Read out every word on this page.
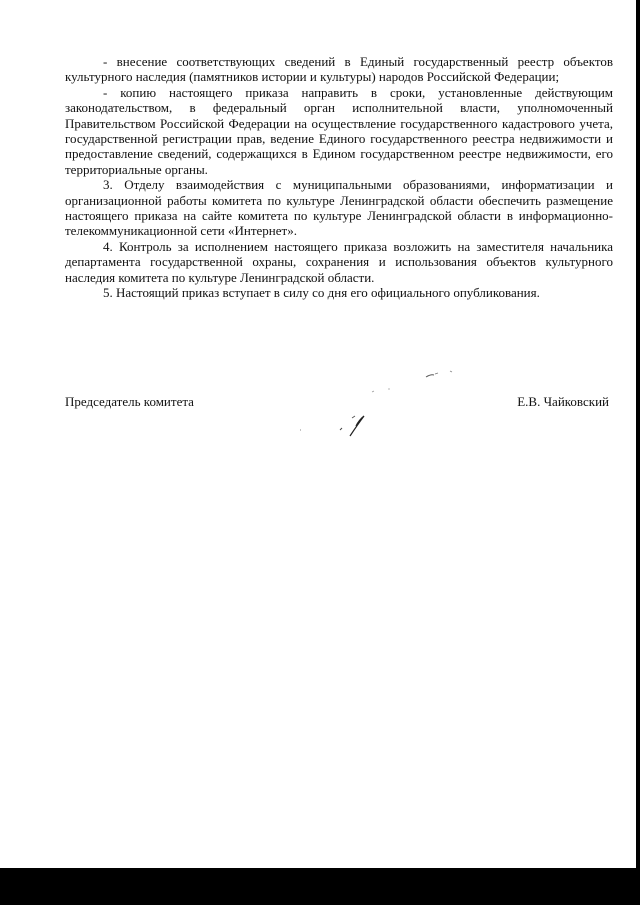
- внесение соответствующих сведений в Единый государственный реестр объектов культурного наследия (памятников истории и культуры) народов Российской Федерации;

- копию настоящего приказа направить в сроки, установленные действующим законодательством, в федеральный орган исполнительной власти, уполномоченный Правительством Российской Федерации на осуществление государственного кадастрового учета, государственной регистрации прав, ведение Единого государственного реестра недвижимости и предоставление сведений, содержащихся в Едином государственном реестре недвижимости, его территориальные органы.

3. Отделу взаимодействия с муниципальными образованиями, информатизации и организационной работы комитета по культуре Ленинградской области обеспечить размещение настоящего приказа на сайте комитета по культуре Ленинградской области в информационно-телекоммуникационной сети «Интернет».

4. Контроль за исполнением настоящего приказа возложить на заместителя начальника департамента государственной охраны, сохранения и использования объектов культурного наследия комитета по культуре Ленинградской области.

5. Настоящий приказ вступает в силу со дня его официального опубликования.

Председатель комитета	Е.В. Чайковский
